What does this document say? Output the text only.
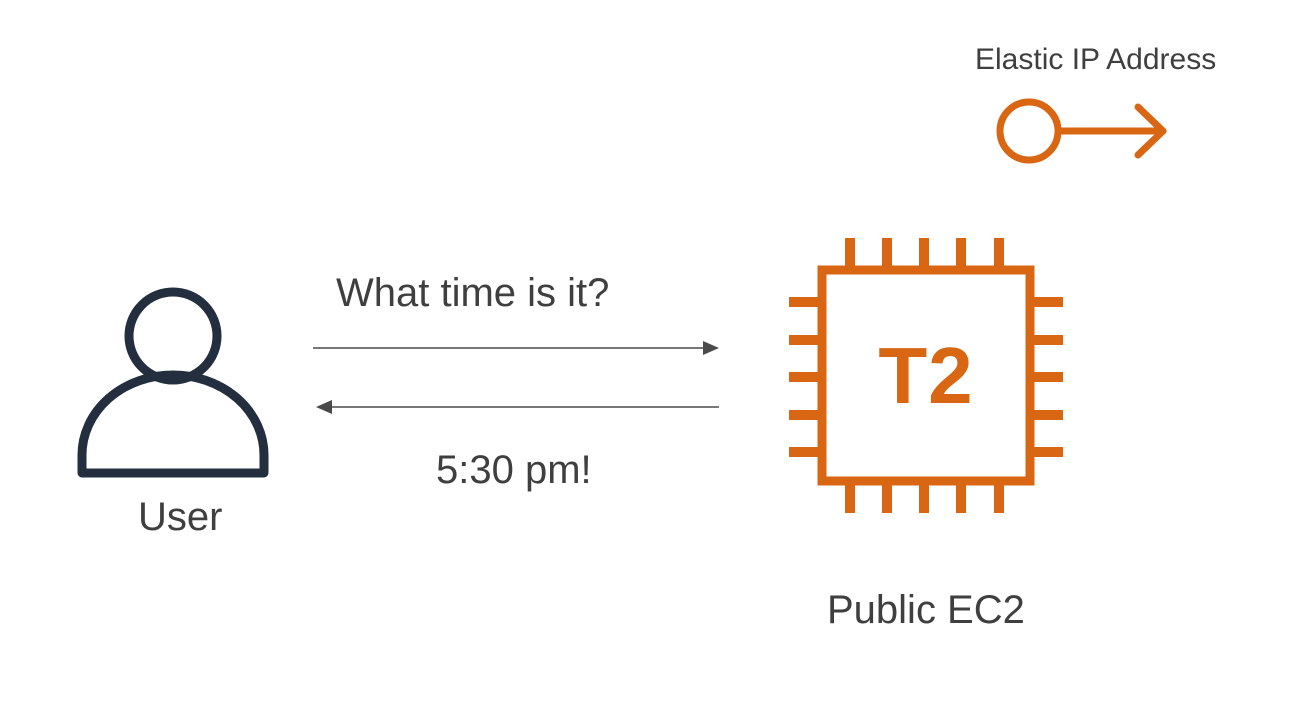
T2
Elastic IP Address
What time is it?
5:30 pm!
User
Public EC2
